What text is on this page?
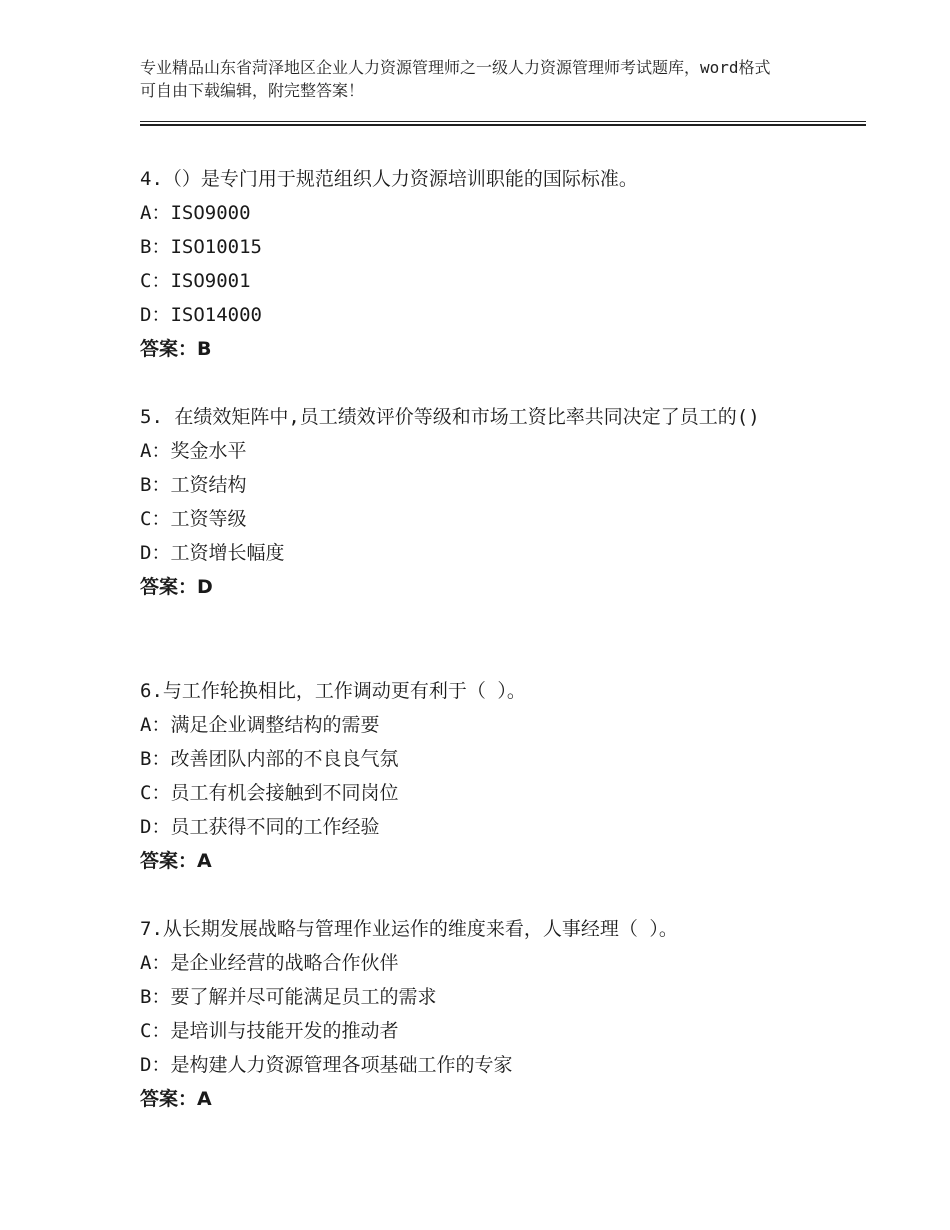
专业精品山东省菏泽地区企业人力资源管理师之一级人力资源管理师考试题库，word格式可自由下载编辑，附完整答案！
4.（）是专门用于规范组织人力资源培训职能的国际标准。
A：ISO9000
B：ISO10015
C：ISO9001
D：ISO14000
答案：B
5. 在绩效矩阵中,员工绩效评价等级和市场工资比率共同决定了员工的()
A：奖金水平
B：工资结构
C：工资等级
D：工资增长幅度
答案：D
6.与工作轮换相比，工作调动更有利于（ ）。
A：满足企业调整结构的需要
B：改善团队内部的不良良气氛
C：员工有机会接触到不同岗位
D：员工获得不同的工作经验
答案：A
7.从长期发展战略与管理作业运作的维度来看，人事经理（ ）。
A：是企业经营的战略合作伙伴
B：要了解并尽可能满足员工的需求
C：是培训与技能开发的推动者
D：是构建人力资源管理各项基础工作的专家
答案：A
